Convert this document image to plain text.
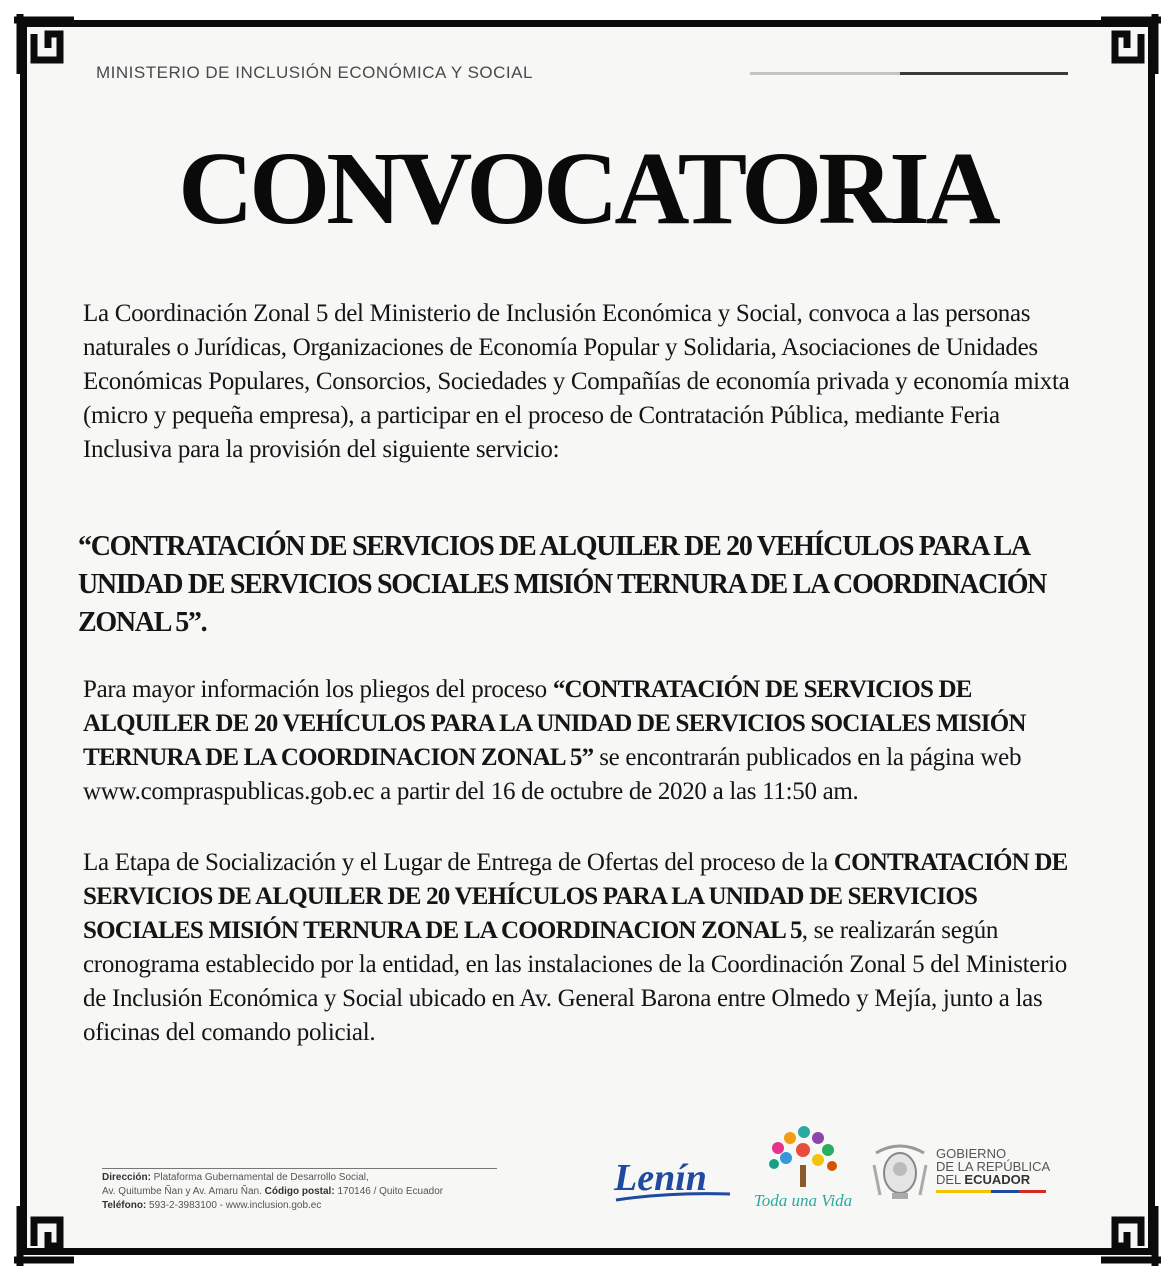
MINISTERIO DE INCLUSIÓN ECONÓMICA Y SOCIAL
CONVOCATORIA

La Coordinación Zonal 5 del Ministerio de Inclusión Económica y Social, convoca a las personas naturales o Jurídicas, Organizaciones de Economía Popular y Solidaria, Asociaciones de Unidades Económicas Populares, Consorcios, Sociedades y Compañías de economía privada y economía mixta (micro y pequeña empresa), a participar en el proceso de Contratación Pública, mediante Feria Inclusiva para la provisión del siguiente servicio:

“CONTRATACIÓN DE SERVICIOS DE ALQUILER DE 20 VEHÍCULOS PARA LA UNIDAD DE SERVICIOS SOCIALES MISIÓN TERNURA DE LA COORDINACIÓN ZONAL 5”.

Para mayor información los pliegos del proceso “CONTRATACIÓN DE SERVICIOS DE ALQUILER DE 20 VEHÍCULOS PARA LA UNIDAD DE SERVICIOS SOCIALES MISIÓN TERNURA DE LA COORDINACION ZONAL 5” se encontrarán publicados en la página web www.compraspublicas.gob.ec a partir del 16 de octubre de 2020 a las 11:50 am.

La Etapa de Socialización y el Lugar de Entrega de Ofertas del proceso de la CONTRATACIÓN DE SERVICIOS DE ALQUILER DE 20 VEHÍCULOS PARA LA UNIDAD DE SERVICIOS SOCIALES MISIÓN TERNURA DE LA COORDINACION ZONAL 5, se realizarán según cronograma establecido por la entidad, en las instalaciones de la Coordinación Zonal 5 del Ministerio de Inclusión Económica y Social ubicado en Av. General Barona entre Olmedo y Mejía, junto a las oficinas del comando policial.

Dirección: Plataforma Gubernamental de Desarrollo Social,
Av. Quitumbe Ñan y Av. Amaru Ñan. Código postal: 170146 / Quito Ecuador
Teléfono: 593-2-3983100 - www.inclusion.gob.ec
Lenín
Toda una Vida
GOBIERNO
DE LA REPÚBLICA
DEL ECUADOR
